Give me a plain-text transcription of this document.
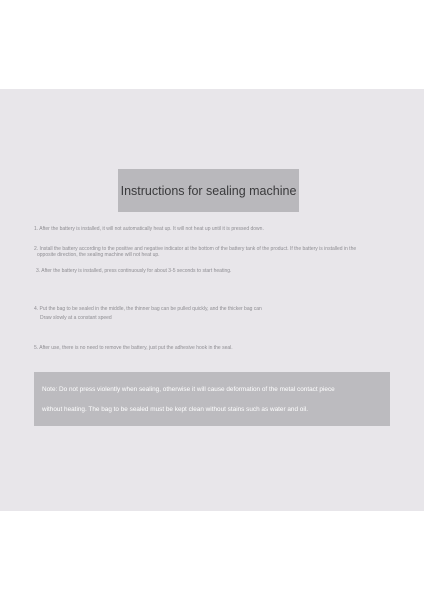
Instructions for sealing machine

1. After the battery is installed, it will not automatically heat up. It will not heat up until it is pressed down.

2. Install the battery according to the positive and negative indicator at the bottom of the battery tank of the product. If the battery is installed in the

opposite direction, the sealing machine will not heat up.

3. After the battery is installed, press continuously for about 3-5 seconds to start heating.

4. Put the bag to be sealed in the middle, the thinner bag can be pulled quickly, and the thicker bag can

Draw slowly at a constant speed

5. After use, there is no need to remove the battery, just put the adhesive hook in the seal.

Note: Do not press violently when sealing, otherwise it will cause deformation of the metal contact piece
without heating. The bag to be sealed must be kept clean without stains such as water and oil.
